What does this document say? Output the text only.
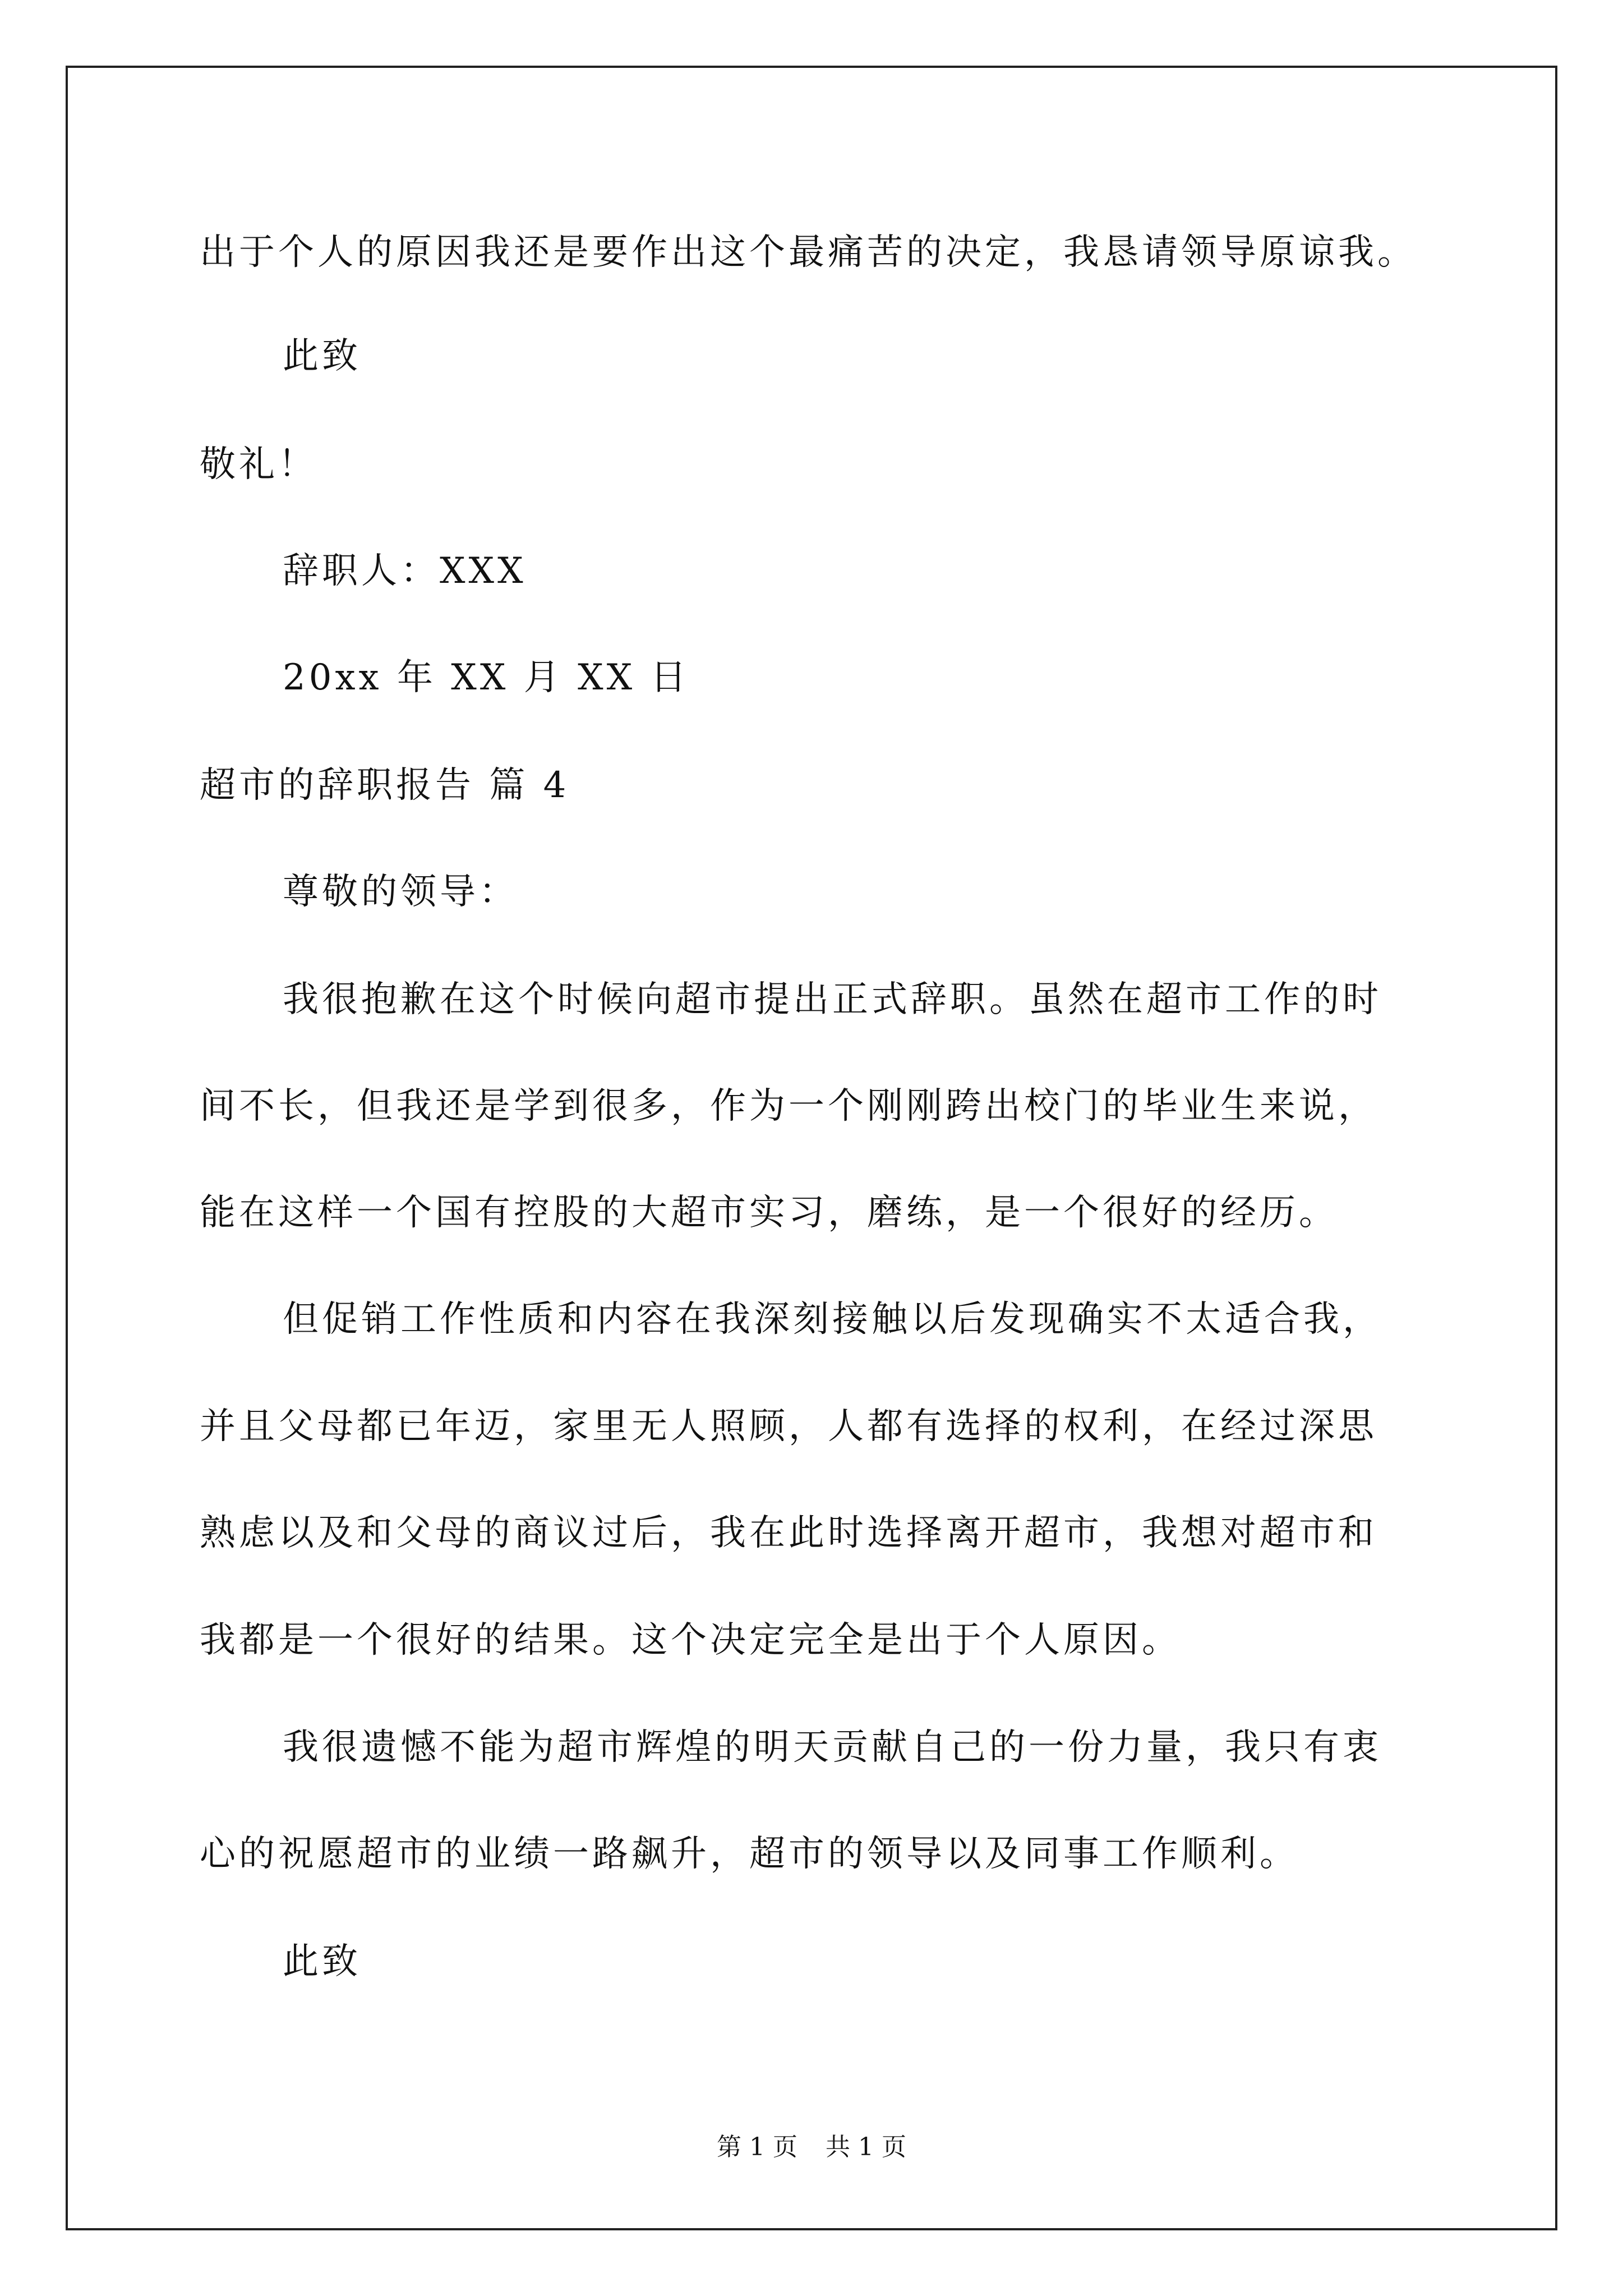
出于个人的原因我还是要作出这个最痛苦的决定，我恳请领导原谅我。
此致
敬礼！
辞职人：XXX
20xx 年 XX 月 XX 日
超市的辞职报告 篇 4
尊敬的领导：
我很抱歉在这个时候向超市提出正式辞职。虽然在超市工作的时
间不长，但我还是学到很多，作为一个刚刚跨出校门的毕业生来说，
能在这样一个国有控股的大超市实习，磨练，是一个很好的经历。
但促销工作性质和内容在我深刻接触以后发现确实不太适合我，
并且父母都已年迈，家里无人照顾，人都有选择的权利，在经过深思
熟虑以及和父母的商议过后，我在此时选择离开超市，我想对超市和
我都是一个很好的结果。这个决定完全是出于个人原因。
我很遗憾不能为超市辉煌的明天贡献自己的一份力量，我只有衷
心的祝愿超市的业绩一路飙升，超市的领导以及同事工作顺利。
此致
第 1 页 共 1 页
